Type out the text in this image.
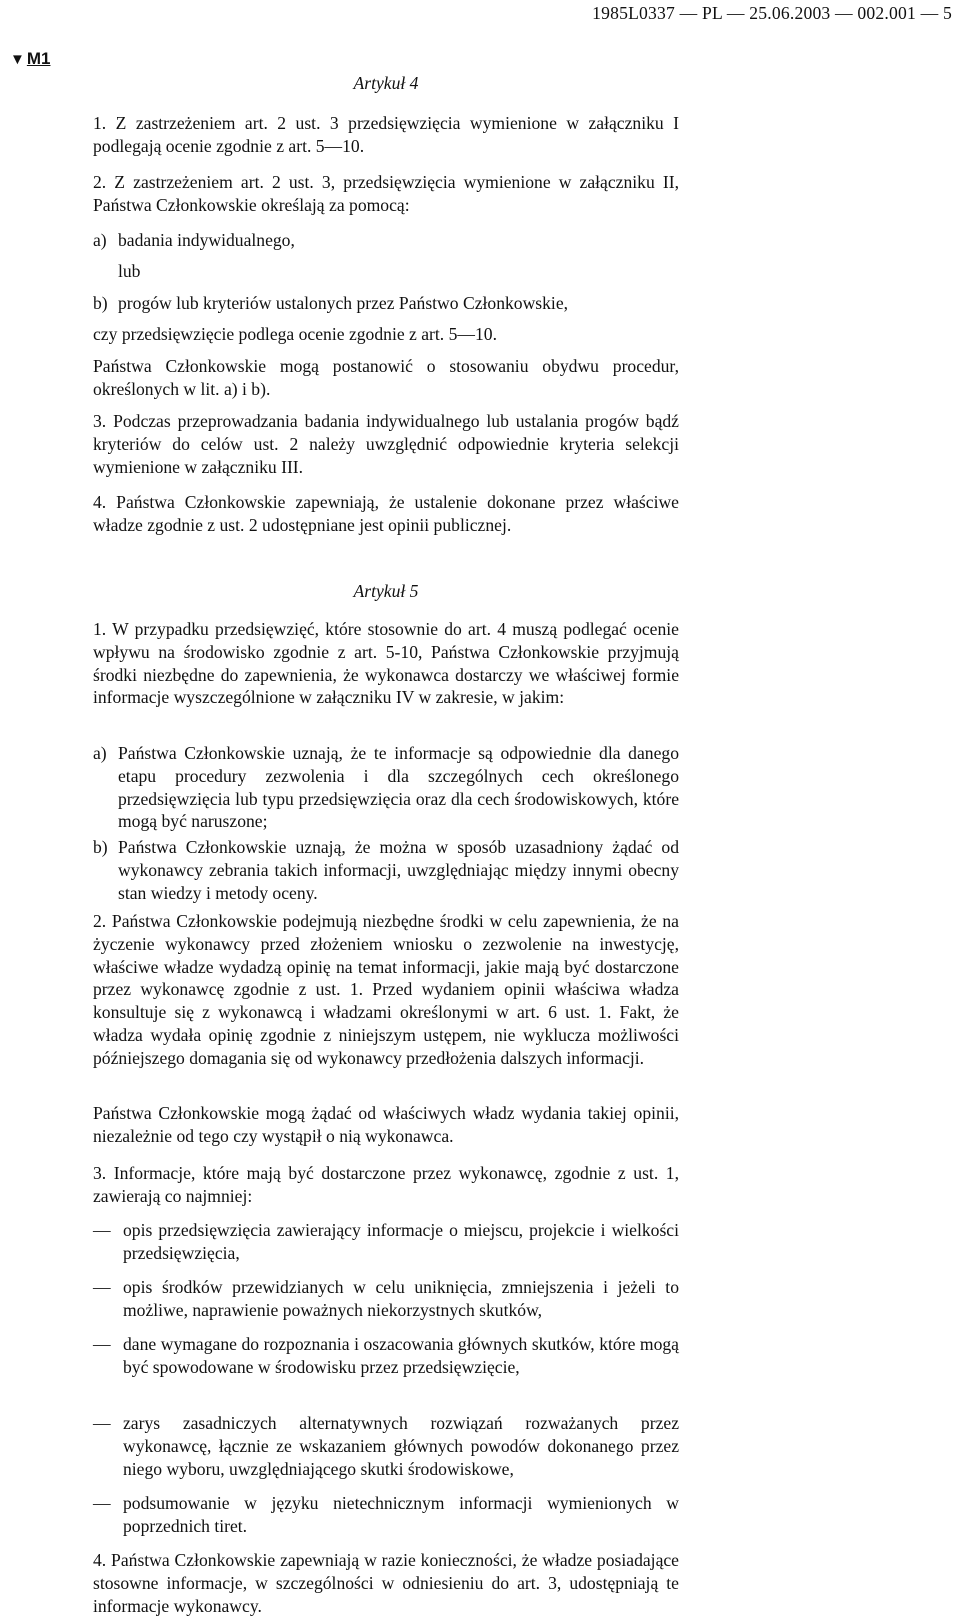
1985L0337 — PL — 25.06.2003 — 002.001 — 5
▼ M1
Artykuł 4

1. Z zastrzeżeniem art. 2 ust. 3 przedsięwzięcia wymienione w załączniku I podlegają ocenie zgodnie z art. 5—10.

2. Z zastrzeżeniem art. 2 ust. 3, przedsięwzięcia wymienione w załączniku II, Państwa Członkowskie określają za pomocą:

a) badania indywidualnego,
lub
b) progów lub kryteriów ustalonych przez Państwo Członkowskie,

czy przedsięwzięcie podlega ocenie zgodnie z art. 5—10.

Państwa Członkowskie mogą postanowić o stosowaniu obydwu procedur, określonych w lit. a) i b).

3. Podczas przeprowadzania badania indywidualnego lub ustalania progów bądź kryteriów do celów ust. 2 należy uwzględnić odpowiednie kryteria selekcji wymienione w załączniku III.

4. Państwa Członkowskie zapewniają, że ustalenie dokonane przez właściwe władze zgodnie z ust. 2 udostępniane jest opinii publicznej.

Artykuł 5

1. W przypadku przedsięwzięć, które stosownie do art. 4 muszą podlegać ocenie wpływu na środowisko zgodnie z art. 5-10, Państwa Członkowskie przyjmują środki niezbędne do zapewnienia, że wykonawca dostarczy we właściwej formie informacje wyszczególnione w załączniku IV w zakresie, w jakim:

a) Państwa Członkowskie uznają, że te informacje są odpowiednie dla danego etapu procedury zezwolenia i dla szczególnych cech określonego przedsięwzięcia lub typu przedsięwzięcia oraz dla cech środowiskowych, które mogą być naruszone;
b) Państwa Członkowskie uznają, że można w sposób uzasadniony żądać od wykonawcy zebrania takich informacji, uwzględniając między innymi obecny stan wiedzy i metody oceny.

2. Państwa Członkowskie podejmują niezbędne środki w celu zapewnienia, że na życzenie wykonawcy przed złożeniem wniosku o zezwolenie na inwestycję, właściwe władze wydadzą opinię na temat informacji, jakie mają być dostarczone przez wykonawcę zgodnie z ust. 1. Przed wydaniem opinii właściwa władza konsultuje się z wykonawcą i władzami określonymi w art. 6 ust. 1. Fakt, że władza wydała opinię zgodnie z niniejszym ustępem, nie wyklucza możliwości późniejszego domagania się od wykonawcy przedłożenia dalszych informacji.

Państwa Członkowskie mogą żądać od właściwych władz wydania takiej opinii, niezależnie od tego czy wystąpił o nią wykonawca.

3. Informacje, które mają być dostarczone przez wykonawcę, zgodnie z ust. 1, zawierają co najmniej:

— opis przedsięwzięcia zawierający informacje o miejscu, projekcie i wielkości przedsięwzięcia,
— opis środków przewidzianych w celu uniknięcia, zmniejszenia i jeżeli to możliwe, naprawienie poważnych niekorzystnych skutków,
— dane wymagane do rozpoznania i oszacowania głównych skutków, które mogą być spowodowane w środowisku przez przedsięwzięcie,
— zarys zasadniczych alternatywnych rozwiązań rozważanych przez wykonawcę, łącznie ze wskazaniem głównych powodów dokonanego przez niego wyboru, uwzględniającego skutki środowiskowe,
— podsumowanie w języku nietechnicznym informacji wymienionych w poprzednich tiret.

4. Państwa Członkowskie zapewniają w razie konieczności, że władze posiadające stosowne informacje, w szczególności w odniesieniu do art. 3, udostępniają te informacje wykonawcy.
